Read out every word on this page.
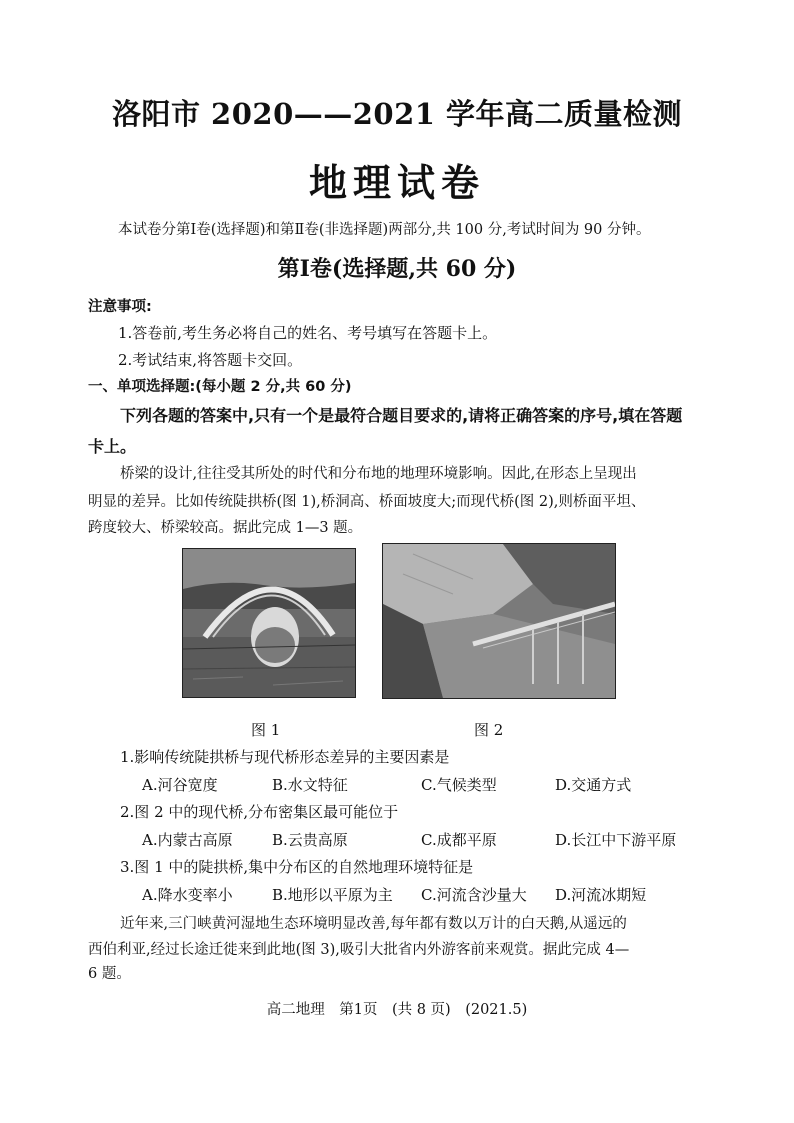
洛阳市 2020——2021 学年高二质量检测
地理试卷
本试卷分第Ⅰ卷(选择题)和第Ⅱ卷(非选择题)两部分,共 100 分,考试时间为 90 分钟。
第Ⅰ卷(选择题,共 60 分)
注意事项:
1.答卷前,考生务必将自己的姓名、考号填写在答题卡上。
2.考试结束,将答题卡交回。
一、单项选择题:(每小题 2 分,共 60 分)
下列各题的答案中,只有一个是最符合题目要求的,请将正确答案的序号,填在答题
卡上。
桥梁的设计,往往受其所处的时代和分布地的地理环境影响。因此,在形态上呈现出
明显的差异。比如传统陡拱桥(图 1),桥洞高、桥面坡度大;而现代桥(图 2),则桥面平坦、
跨度较大、桥梁较高。据此完成 1—3 题。
图 1	图 2
1.影响传统陡拱桥与现代桥形态差异的主要因素是
A.河谷宽度	B.水文特征	C.气候类型	D.交通方式
2.图 2 中的现代桥,分布密集区最可能位于
A.内蒙古高原	B.云贵高原	C.成都平原	D.长江中下游平原
3.图 1 中的陡拱桥,集中分布区的自然地理环境特征是
A.降水变率小	B.地形以平原为主 C.河流含沙量大 D.河流冰期短
近年来,三门峡黄河湿地生态环境明显改善,每年都有数以万计的白天鹅,从遥远的
西伯利亚,经过长途迁徙来到此地(图 3),吸引大批省内外游客前来观赏。据此完成 4—
6 题。
高二地理　第1页　(共 8 页)　(2021.5)
